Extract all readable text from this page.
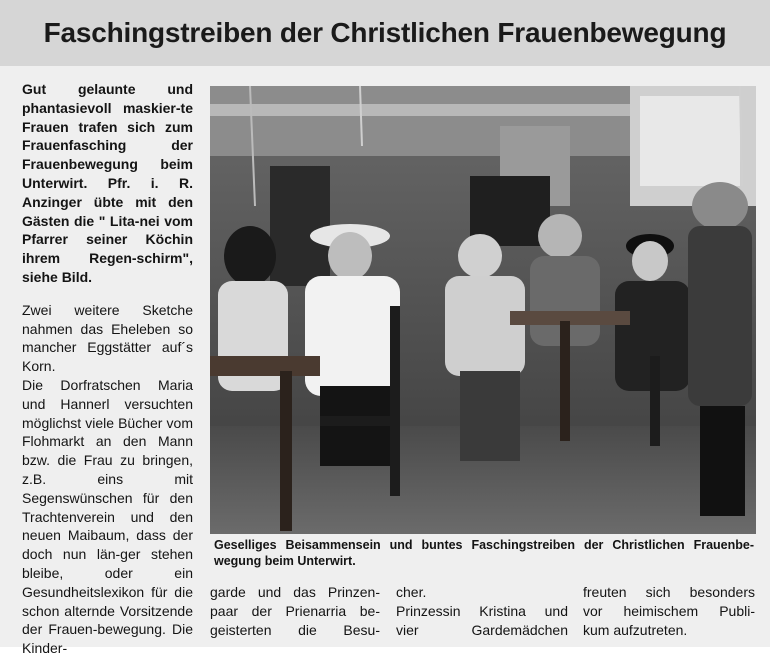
Faschingstreiben der Christlichen Frauenbewegung

Gut gelaunte und phantasievoll maskier-te Frauen trafen sich zum Frauenfasching der Frauenbewegung beim Unterwirt. Pfr. i. R. Anzinger übte mit den Gästen die " Lita-nei vom Pfarrer seiner Köchin ihrem Regen-schirm", siehe Bild.

Zwei weitere Sketche nahmen das Eheleben so mancher Eggstätter auf´s Korn.

Die Dorfratschen Maria und Hannerl versuchten möglichst viele Bücher vom Flohmarkt an den Mann bzw. die Frau zu bringen, z.B. eins mit Segenswünschen für den Trachtenverein und den neuen Maibaum, dass der doch nun län-ger stehen bleibe, oder ein Gesundheitslexikon für die schon alternde Vorsitzende der Frauen-bewegung. Die Kinder-

Geselliges Beisammensein und buntes Faschingstreiben der Christlichen Frauenbe-wegung beim Unterwirt.

garde und das Prinzen-
paar der Prienarria be-
geisterten die Besu-
cher.
Prinzessin Kristina und
vier Gardemädchen
freuten sich besonders
vor heimischem Publi-
kum aufzutreten.
